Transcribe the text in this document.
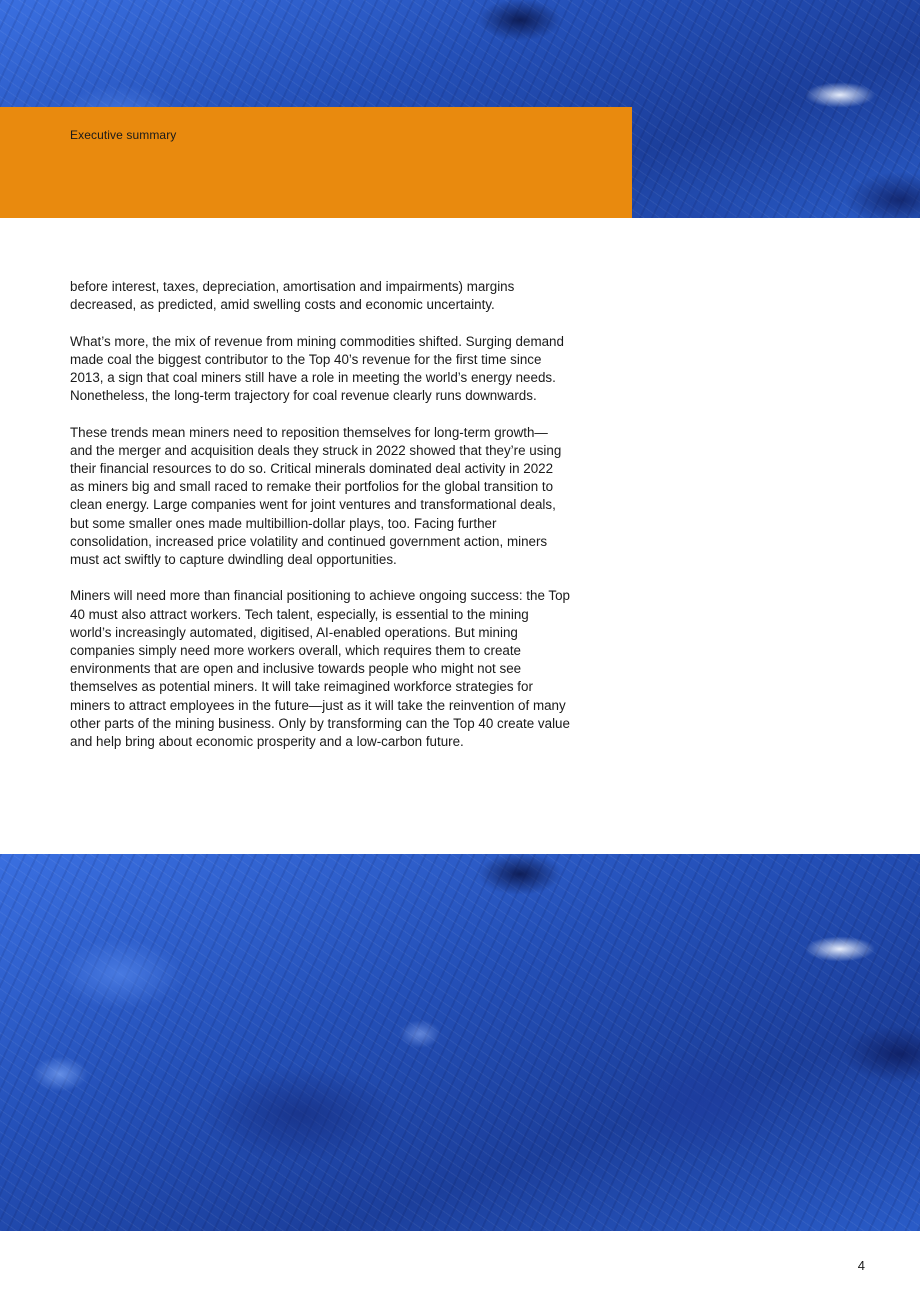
Executive summary

before interest, taxes, depreciation, amortisation and impairments) margins decreased, as predicted, amid swelling costs and economic uncertainty.

What’s more, the mix of revenue from mining commodities shifted. Surging demand made coal the biggest contributor to the Top 40’s revenue for the first time since 2013, a sign that coal miners still have a role in meeting the world’s energy needs. Nonetheless, the long-term trajectory for coal revenue clearly runs downwards.

These trends mean miners need to reposition themselves for long-term growth—and the merger and acquisition deals they struck in 2022 showed that they’re using their financial resources to do so. Critical minerals dominated deal activity in 2022 as miners big and small raced to remake their portfolios for the global transition to clean energy. Large companies went for joint ventures and transformational deals, but some smaller ones made multibillion-dollar plays, too. Facing further consolidation, increased price volatility and continued government action, miners must act swiftly to capture dwindling deal opportunities.

Miners will need more than financial positioning to achieve ongoing success: the Top 40 must also attract workers. Tech talent, especially, is essential to the mining world’s increasingly automated, digitised, AI-enabled operations. But mining companies simply need more workers overall, which requires them to create environments that are open and inclusive towards people who might not see themselves as potential miners. It will take reimagined workforce strategies for miners to attract employees in the future—just as it will take the reinvention of many other parts of the mining business. Only by transforming can the Top 40 create value and help bring about economic prosperity and a low-carbon future.

4
